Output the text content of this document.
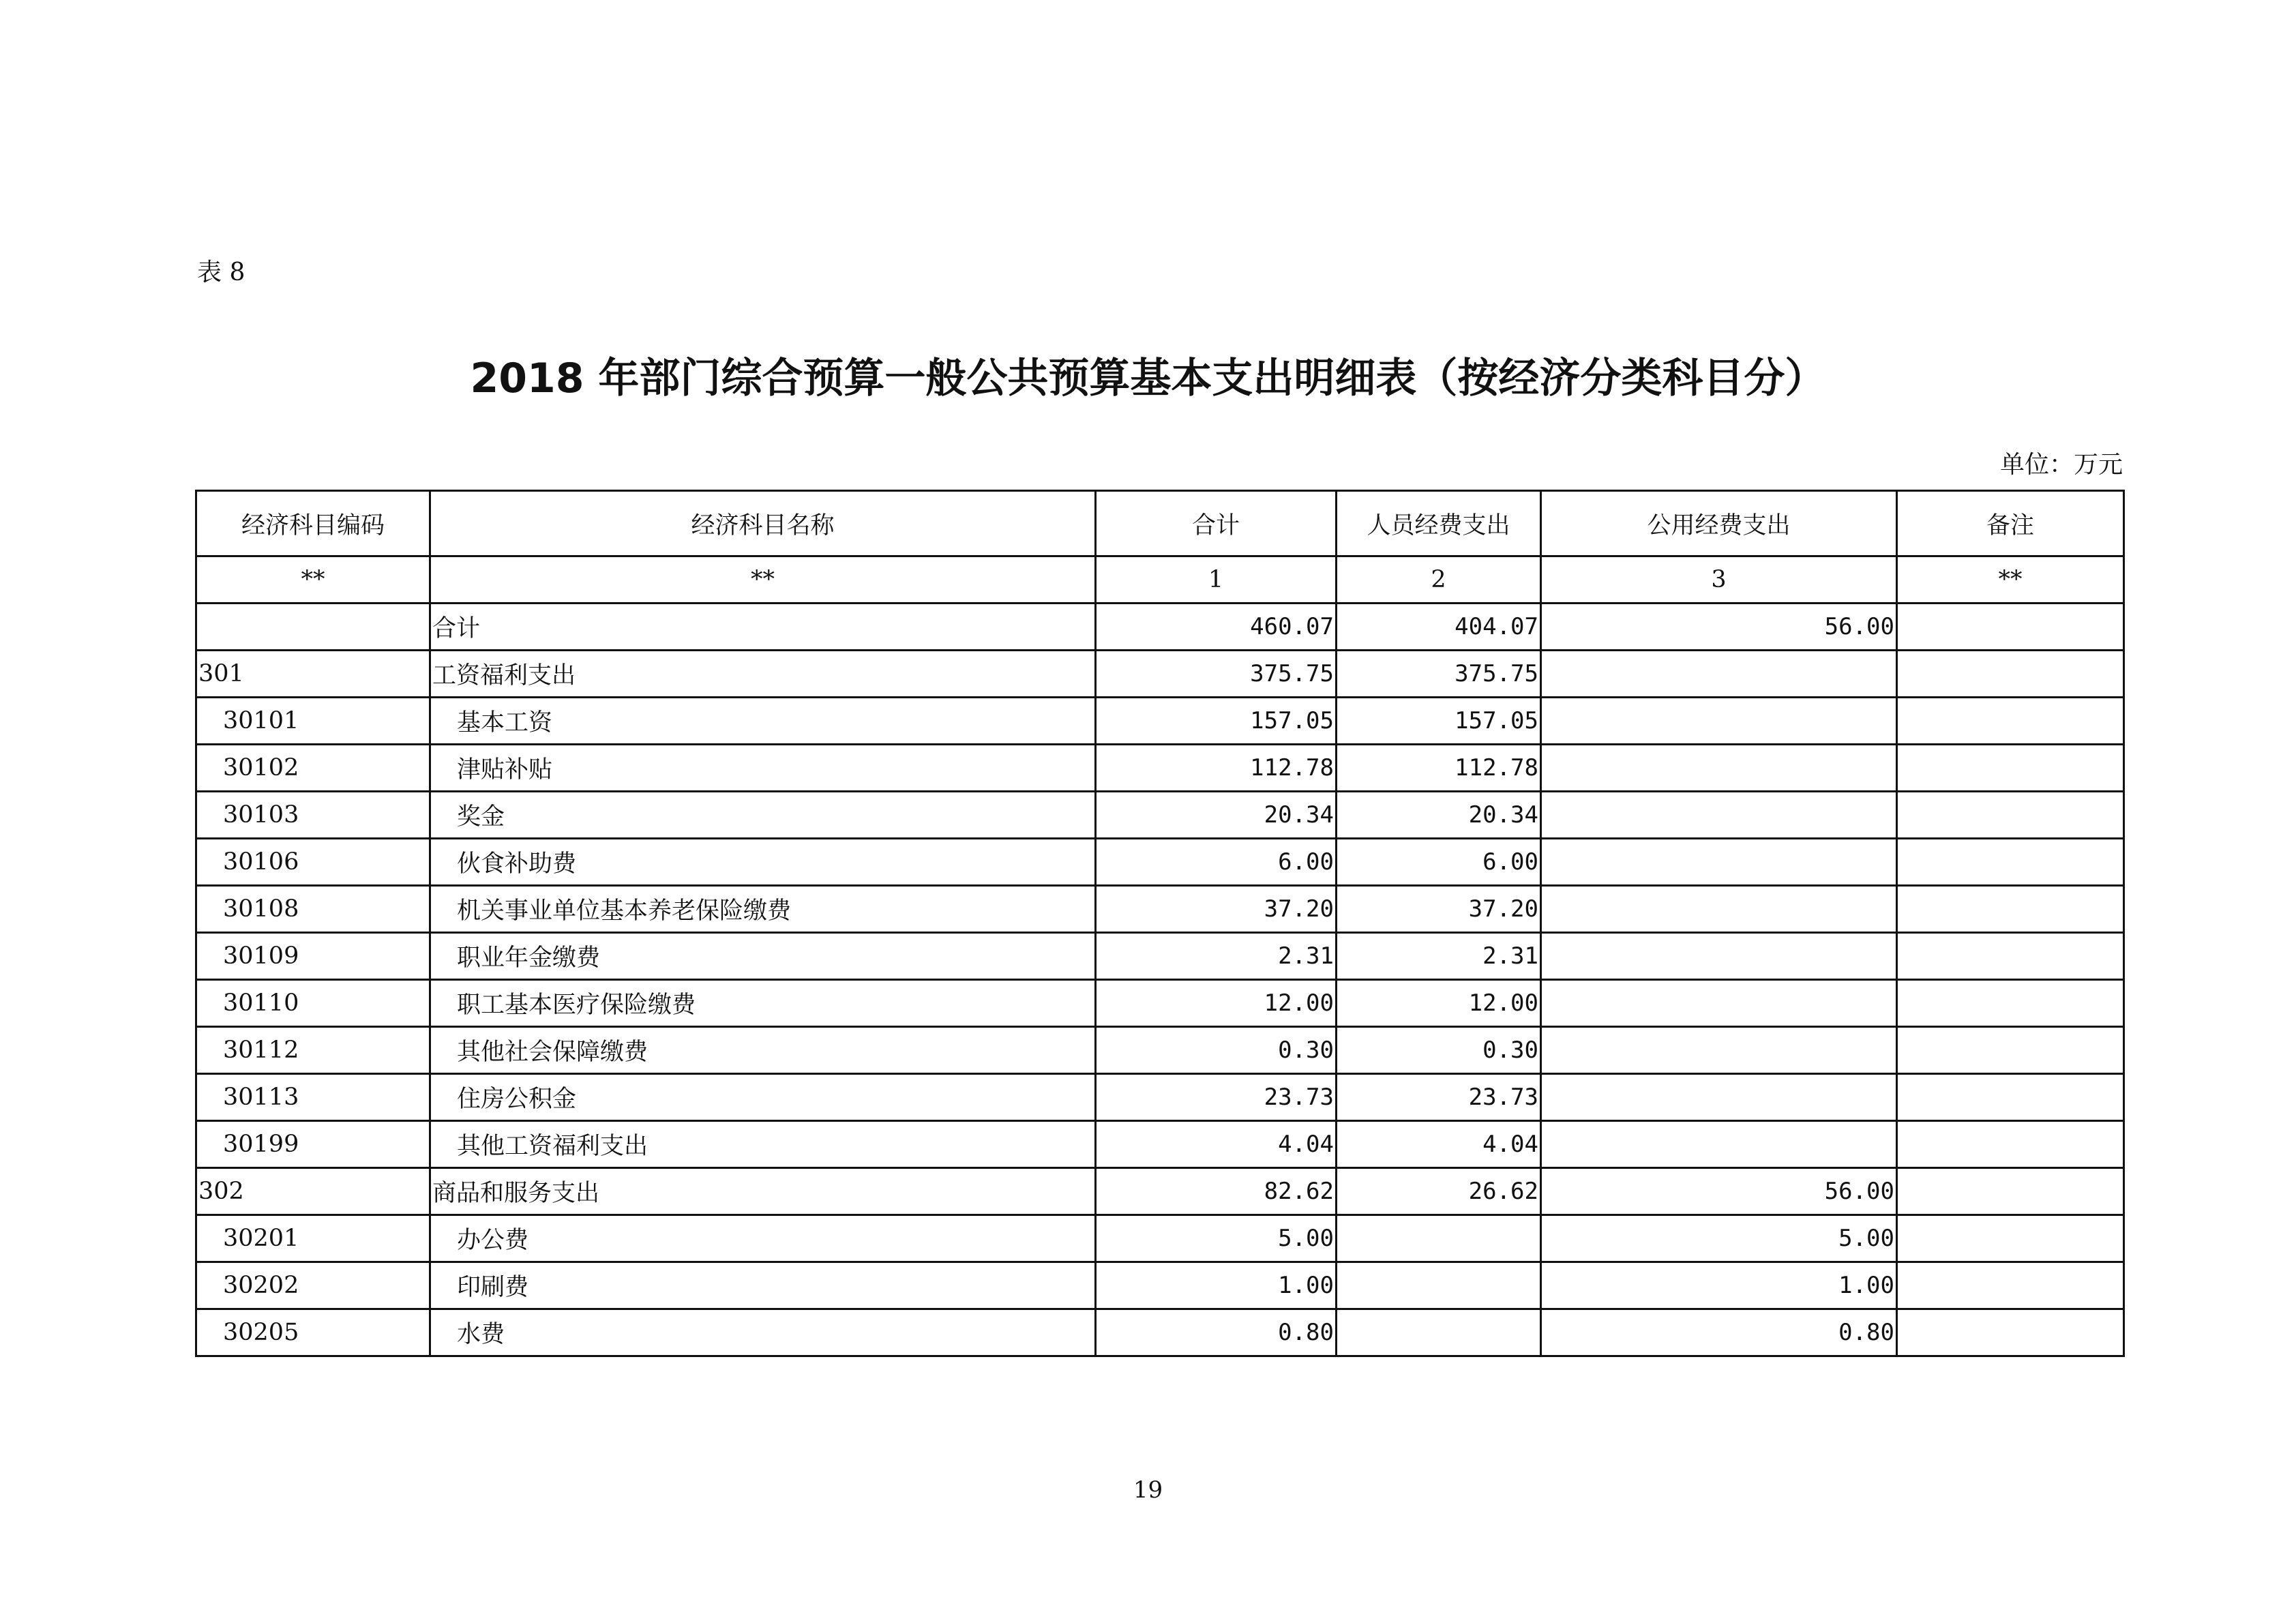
表 8
2018 年部门综合预算一般公共预算基本支出明细表（按经济分类科目分）
单位：万元
经济科目编码	经济科目名称	合计	人员经费支出	公用经费支出	备注
**	**	1	2	3	**
	合计	460.07	404.07	56.00	
301	工资福利支出	375.75	375.75		
30101	基本工资	157.05	157.05		
30102	津贴补贴	112.78	112.78		
30103	奖金	20.34	20.34		
30106	伙食补助费	6.00	6.00		
30108	机关事业单位基本养老保险缴费	37.20	37.20		
30109	职业年金缴费	2.31	2.31		
30110	职工基本医疗保险缴费	12.00	12.00		
30112	其他社会保障缴费	0.30	0.30		
30113	住房公积金	23.73	23.73		
30199	其他工资福利支出	4.04	4.04		
302	商品和服务支出	82.62	26.62	56.00	
30201	办公费	5.00		5.00	
30202	印刷费	1.00		1.00	
30205	水费	0.80		0.80	
19
